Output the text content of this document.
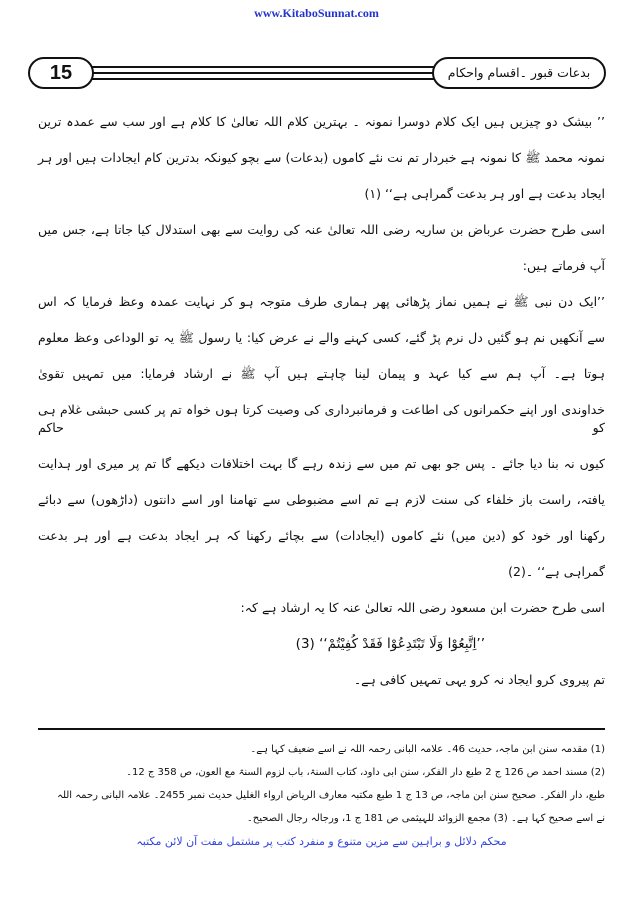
www.KitaboSunnat.com
15	بدعات قبور ۔اقسام واحکام
’’ بیشک دو چیزیں ہیں ایک کلام دوسرا نمونہ ۔ بہترین کلام اللہ تعالیٰ کا کلام ہے اور سب سے عمدہ ترین
نمونہ محمد ﷺ کا نمونہ ہے خبردار تم نت نئے کاموں (بدعات) سے بچو کیونکہ بدترین کام ایجادات ہیں اور ہر
ایجاد بدعت ہے اور ہر بدعت گمراہی ہے‘‘ (۱)
اسی طرح حضرت عرباض بن ساریہ رضی اللہ تعالیٰ عنہ کی روایت سے بھی استدلال کیا جاتا ہے، جس میں
آپ فرماتے ہیں:
’’ایک دن نبی ﷺ نے ہمیں نماز پڑھائی پھر ہماری طرف متوجہ ہو کر نہایت عمدہ وعظ فرمایا کہ اس
سے آنکھیں نم ہو گئیں دل نرم پڑ گئے، کسی کہنے والے نے عرض کیا: یا رسول ﷺ یہ تو الوداعی وعظ معلوم
ہوتا ہے۔ آپ ہم سے کیا عہد و پیمان لینا چاہتے ہیں آپ ﷺ نے ارشاد فرمایا: میں تمہیں تقویٰ
خداوندی اور اپنے حکمرانوں کی اطاعت و فرمانبرداری کی وصیت کرتا ہوں خواہ تم پر کسی حبشی غلام ہی کو حاکم
کیوں نہ بنا دیا جائے ۔ پس جو بھی تم میں سے زندہ رہے گا بہت اختلافات دیکھے گا تم پر میری اور ہدایت
یافتہ، راست باز خلفاء کی سنت لازم ہے تم اسے مضبوطی سے تھامنا اور اسے دانتوں (داڑھوں) سے دبائے
رکھنا اور خود کو (دین میں) نئے کاموں (ایجادات) سے بچائے رکھنا کہ ہر ایجاد بدعت ہے اور ہر بدعت
گمراہی ہے‘‘ ۔(2)
اسی طرح حضرت ابن مسعود رضی اللہ تعالیٰ عنہ کا یہ ارشاد ہے کہ:
’’اِتَّبِعُوْا وَلَا تَبْتَدِعُوْا فَقَدْ كُفِيْتُمْ‘‘ (3)
تم پیروی کرو ایجاد نہ کرو یہی تمہیں کافی ہے۔
(1) مقدمہ سنن ابن ماجہ، حدیث 46۔ علامہ البانی رحمہ اللہ نے اسے ضعیف کہا ہے۔
(2) مسند احمد ص 126 ج 2 طبع دار الفکر، سنن ابی داود، کتاب السنۃ، باب لزوم السنۃ مع العون، ص 358 ج 12۔
طبع، دار الفکر۔ صحیح سنن ابن ماجہ، ص 13 ج 1 طبع مکتبہ معارف الریاض ارواء الغلیل حدیث نمبر 2455۔ علامہ البانی رحمہ اللہ
نے اسے صحیح کہا ہے۔ (3) مجمع الزوائد للہیثمی ص 181 ج 1، ورجالہ رجال الصحیح۔
محکم دلائل و براہین سے مزین متنوع و منفرد کتب پر مشتمل مفت آن لائن مکتبہ
